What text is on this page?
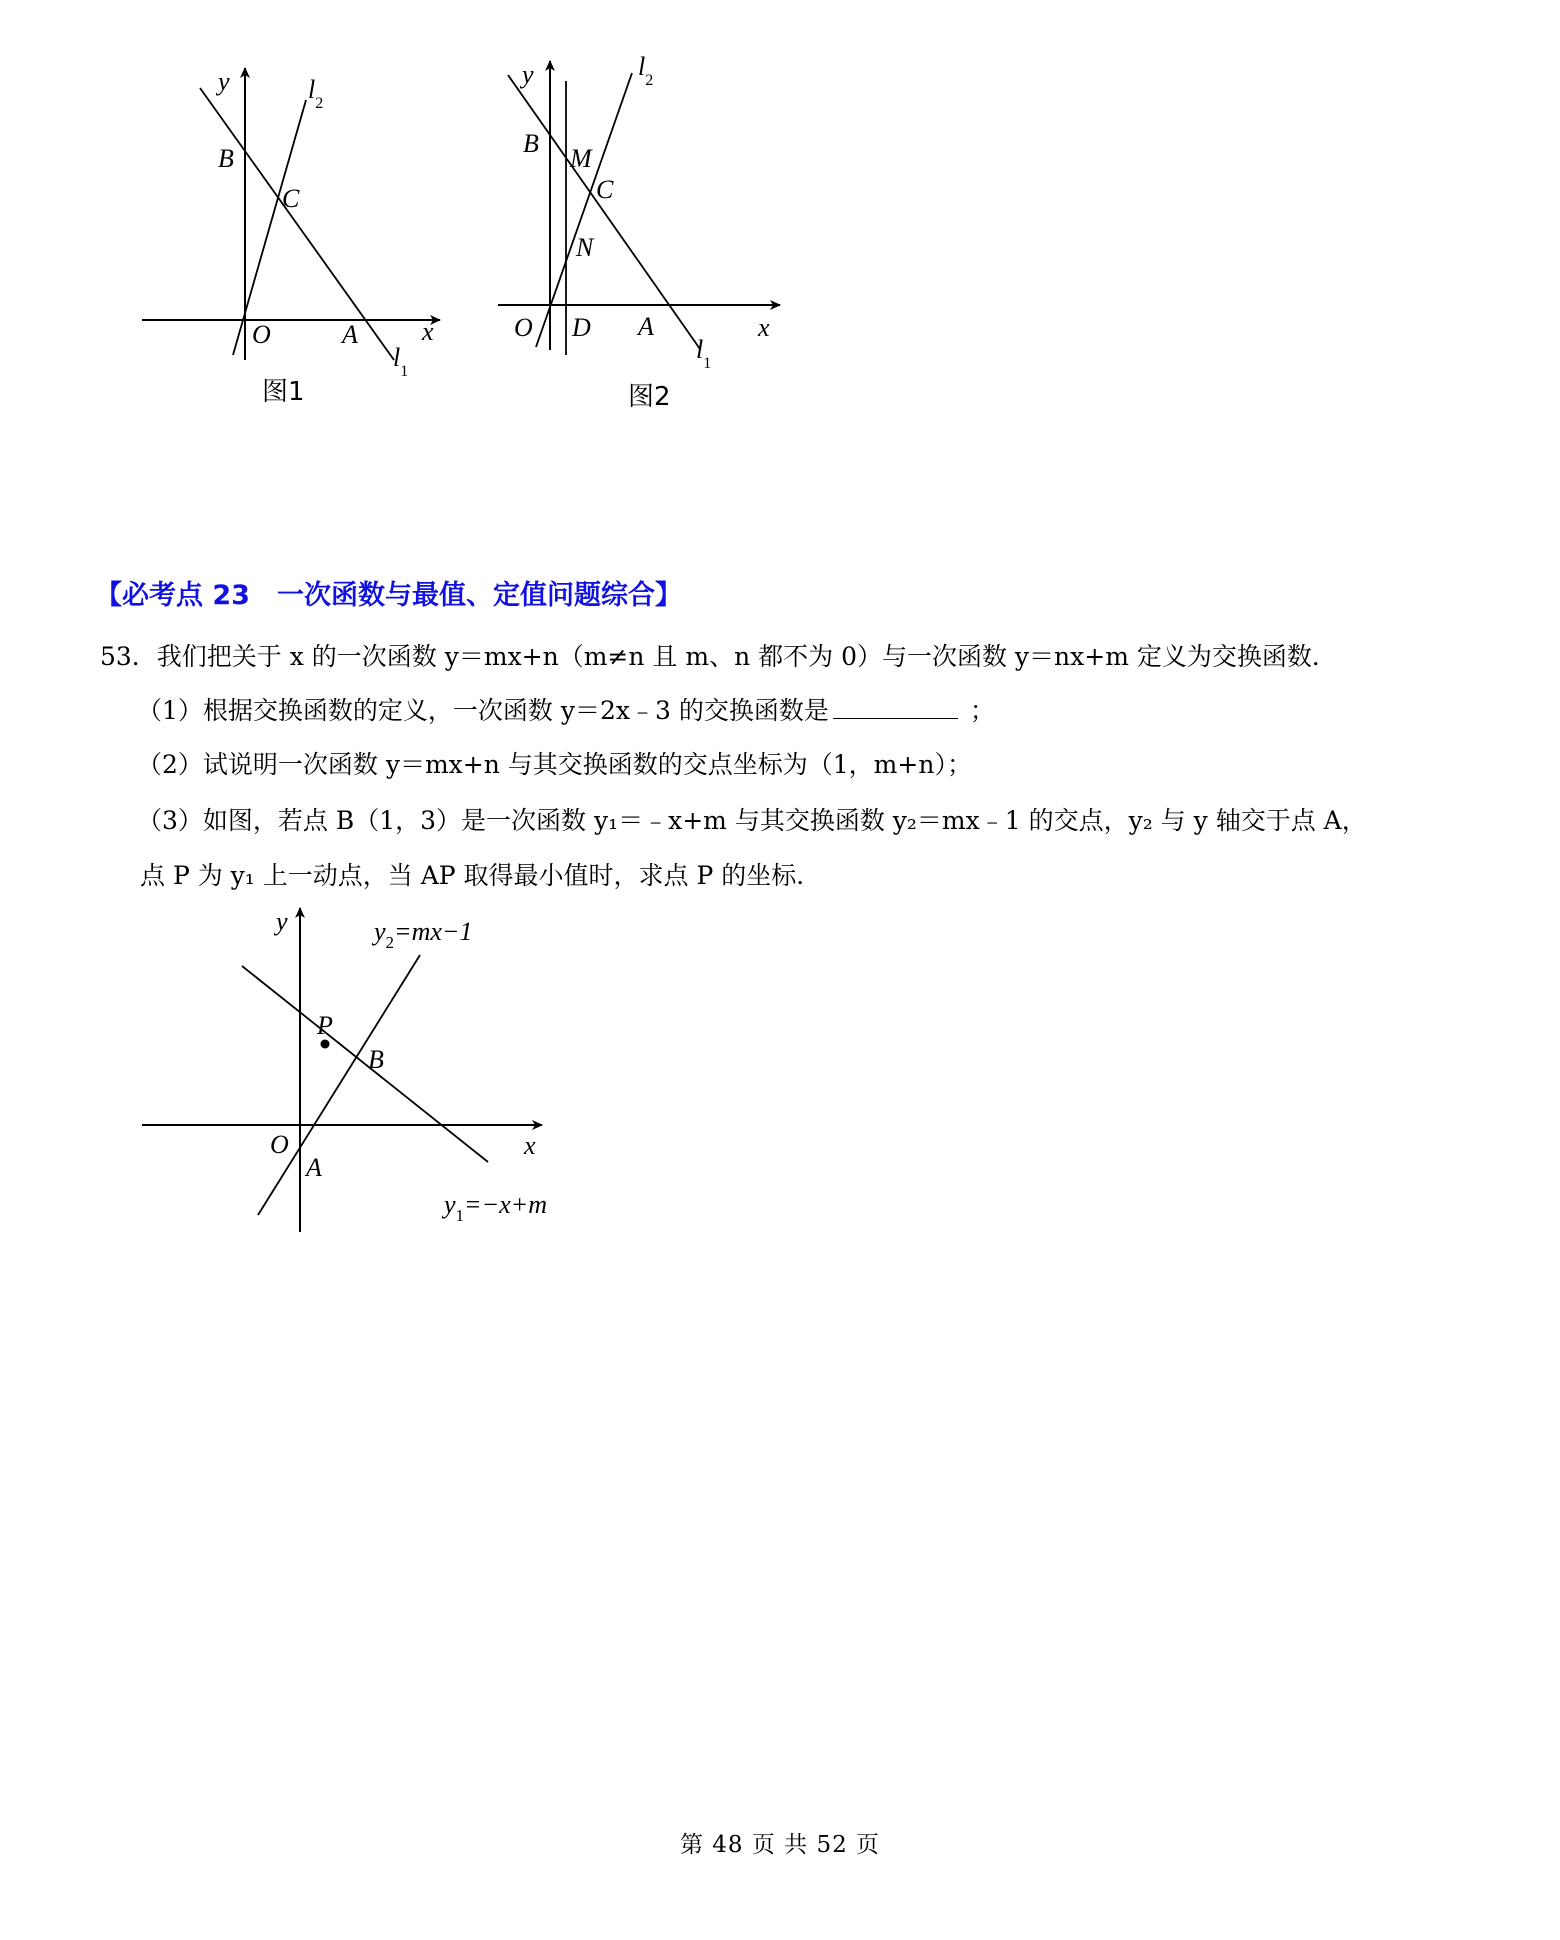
y
x
O	A
B
C
$l_1$
$l_2$
图1
y
x
O	A
B
C
D
M
N
$l_1$
$l_2$
图2
【必考点 23　一次函数与最值、定值问题综合】
53．我们把关于 x 的一次函数 y＝mx+n（m≠n 且 m、n 都不为 0）与一次函数 y＝nx+m 定义为交换函数．
（1）根据交换函数的定义，一次函数 y＝2x﹣3 的交换函数是	；
（2）试说明一次函数 y＝mx+n 与其交换函数的交点坐标为（1，m+n）；
（3）如图，若点 B（1，3）是一次函数 y₁＝﹣x+m 与其交换函数 y₂＝mx﹣1 的交点，y₂ 与 y 轴交于点 A，
点 P 为 y₁ 上一动点，当 AP 取得最小值时，求点 P 的坐标．
y
x
O
A
B
P
$y_2=mx-1$
$y_1=-x+m$
第 48 页 共 52 页
